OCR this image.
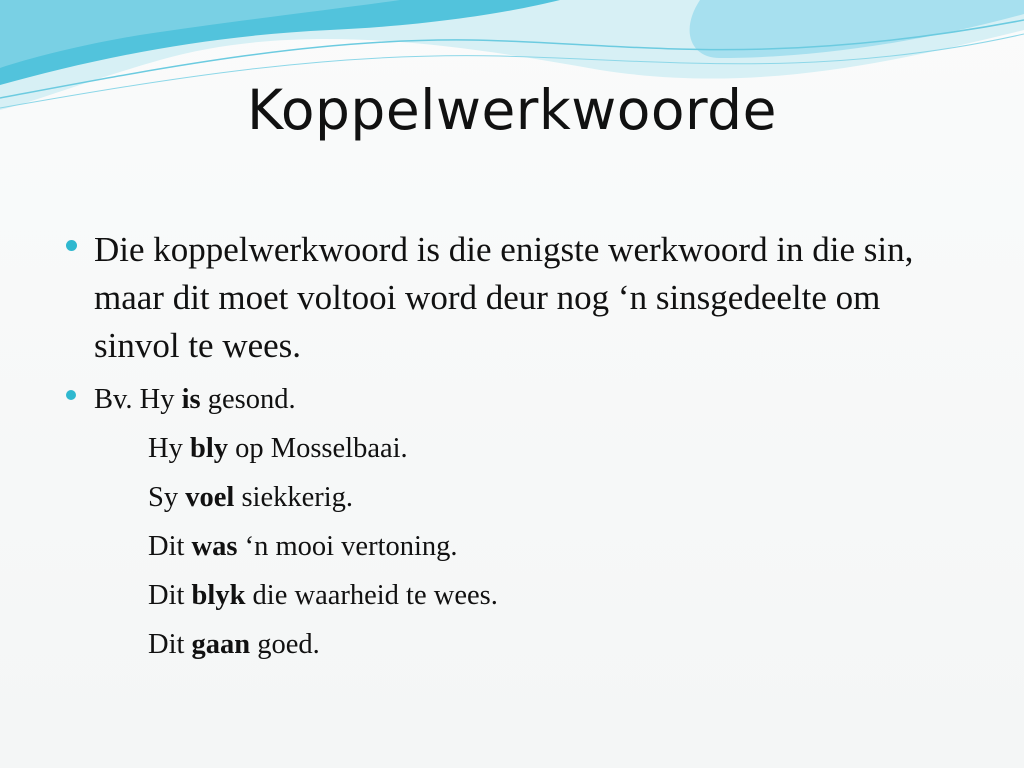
Koppelwerkwoorde
Die koppelwerkwoord is die enigste werkwoord in die sin, maar dit moet voltooi word deur nog ‘n sinsgedeelte om sinvol te wees.
Bv. Hy is gesond.
Hy bly op Mosselbaai.
Sy voel siekkerig.
Dit was ‘n mooi vertoning.
Dit blyk die waarheid te wees.
Dit gaan goed.
